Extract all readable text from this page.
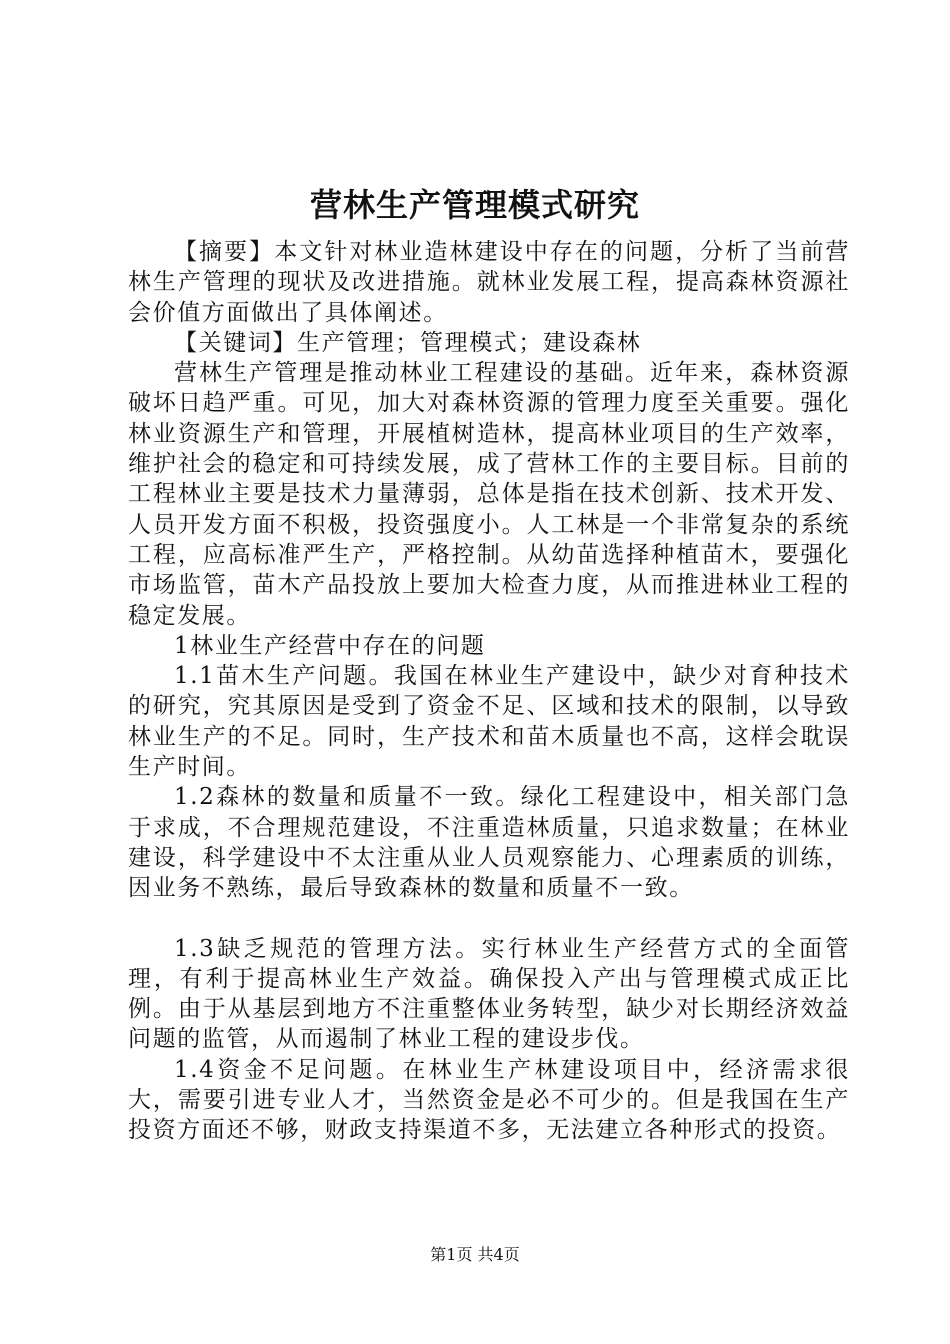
营林生产管理模式研究

【摘要】本文针对林业造林建设中存在的问题，分析了当前营林生产管理的现状及改进措施。就林业发展工程，提高森林资源社会价值方面做出了具体阐述。

【关键词】生产管理；管理模式；建设森林

营林生产管理是推动林业工程建设的基础。近年来，森林资源破坏日趋严重。可见，加大对森林资源的管理力度至关重要。强化林业资源生产和管理，开展植树造林，提高林业项目的生产效率，维护社会的稳定和可持续发展，成了营林工作的主要目标。目前的工程林业主要是技术力量薄弱，总体是指在技术创新、技术开发、人员开发方面不积极，投资强度小。人工林是一个非常复杂的系统工程，应高标准严生产，严格控制。从幼苗选择种植苗木，要强化市场监管，苗木产品投放上要加大检查力度，从而推进林业工程的稳定发展。

1林业生产经营中存在的问题

1.1苗木生产问题。我国在林业生产建设中，缺少对育种技术的研究，究其原因是受到了资金不足、区域和技术的限制，以导致林业生产的不足。同时，生产技术和苗木质量也不高，这样会耽误生产时间。

1.2森林的数量和质量不一致。绿化工程建设中，相关部门急于求成，不合理规范建设，不注重造林质量，只追求数量；在林业建设，科学建设中不太注重从业人员观察能力、心理素质的训练，因业务不熟练，最后导致森林的数量和质量不一致。

1.3缺乏规范的管理方法。实行林业生产经营方式的全面管理，有利于提高林业生产效益。确保投入产出与管理模式成正比例。由于从基层到地方不注重整体业务转型，缺少对长期经济效益问题的监管，从而遏制了林业工程的建设步伐。

1.4资金不足问题。在林业生产林建设项目中，经济需求很大，需要引进专业人才，当然资金是必不可少的。但是我国在生产投资方面还不够，财政支持渠道不多，无法建立各种形式的投资。

第1页 共4页
